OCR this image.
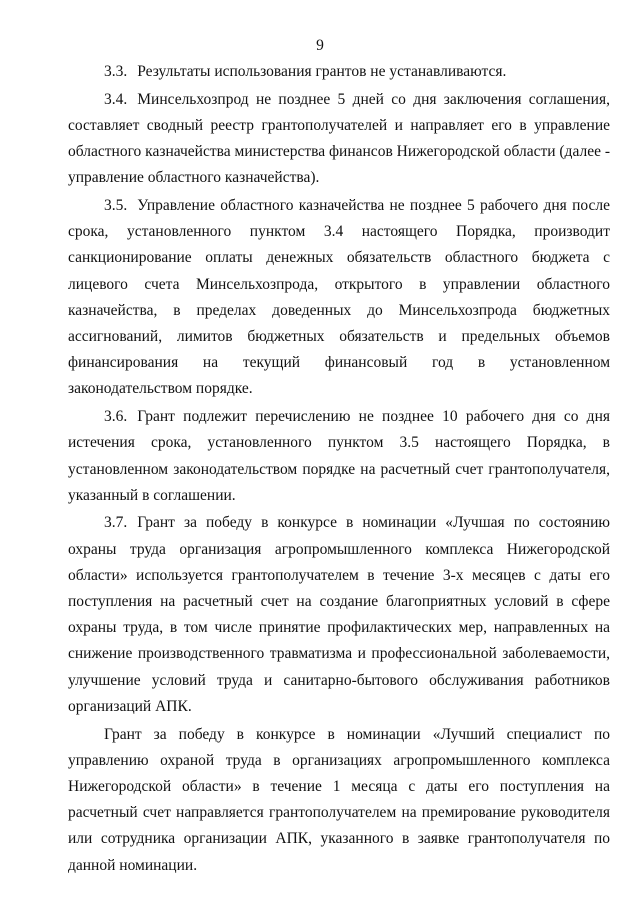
9

3.3. Результаты использования грантов не устанавливаются.

3.4. Минсельхозпрод не позднее 5 дней со дня заключения соглашения, составляет сводный реестр грантополучателей и направляет его в управление областного казначейства министерства финансов Нижегородской области (далее - управление областного казначейства).

3.5. Управление областного казначейства не позднее 5 рабочего дня после срока, установленного пунктом 3.4 настоящего Порядка, производит санкционирование оплаты денежных обязательств областного бюджета с лицевого счета Минсельхозпрода, открытого в управлении областного казначейства, в пределах доведенных до Минсельхозпрода бюджетных ассигнований, лимитов бюджетных обязательств и предельных объемов финансирования на текущий финансовый год в установленном законодательством порядке.

3.6. Грант подлежит перечислению не позднее 10 рабочего дня со дня истечения срока, установленного пунктом 3.5 настоящего Порядка, в установленном законодательством порядке на расчетный счет грантополучателя, указанный в соглашении.

3.7. Грант за победу в конкурсе в номинации «Лучшая по состоянию охраны труда организация агропромышленного комплекса Нижегородской области» используется грантополучателем в течение 3-х месяцев с даты его поступления на расчетный счет на создание благоприятных условий в сфере охраны труда, в том числе принятие профилактических мер, направленных на снижение производственного травматизма и профессиональной заболеваемости, улучшение условий труда и санитарно-бытового обслуживания работников организаций АПК.

Грант за победу в конкурсе в номинации «Лучший специалист по управлению охраной труда в организациях агропромышленного комплекса Нижегородской области» в течение 1 месяца с даты его поступления на расчетный счет направляется грантополучателем на премирование руководителя или сотрудника организации АПК, указанного в заявке грантополучателя по данной номинации.
